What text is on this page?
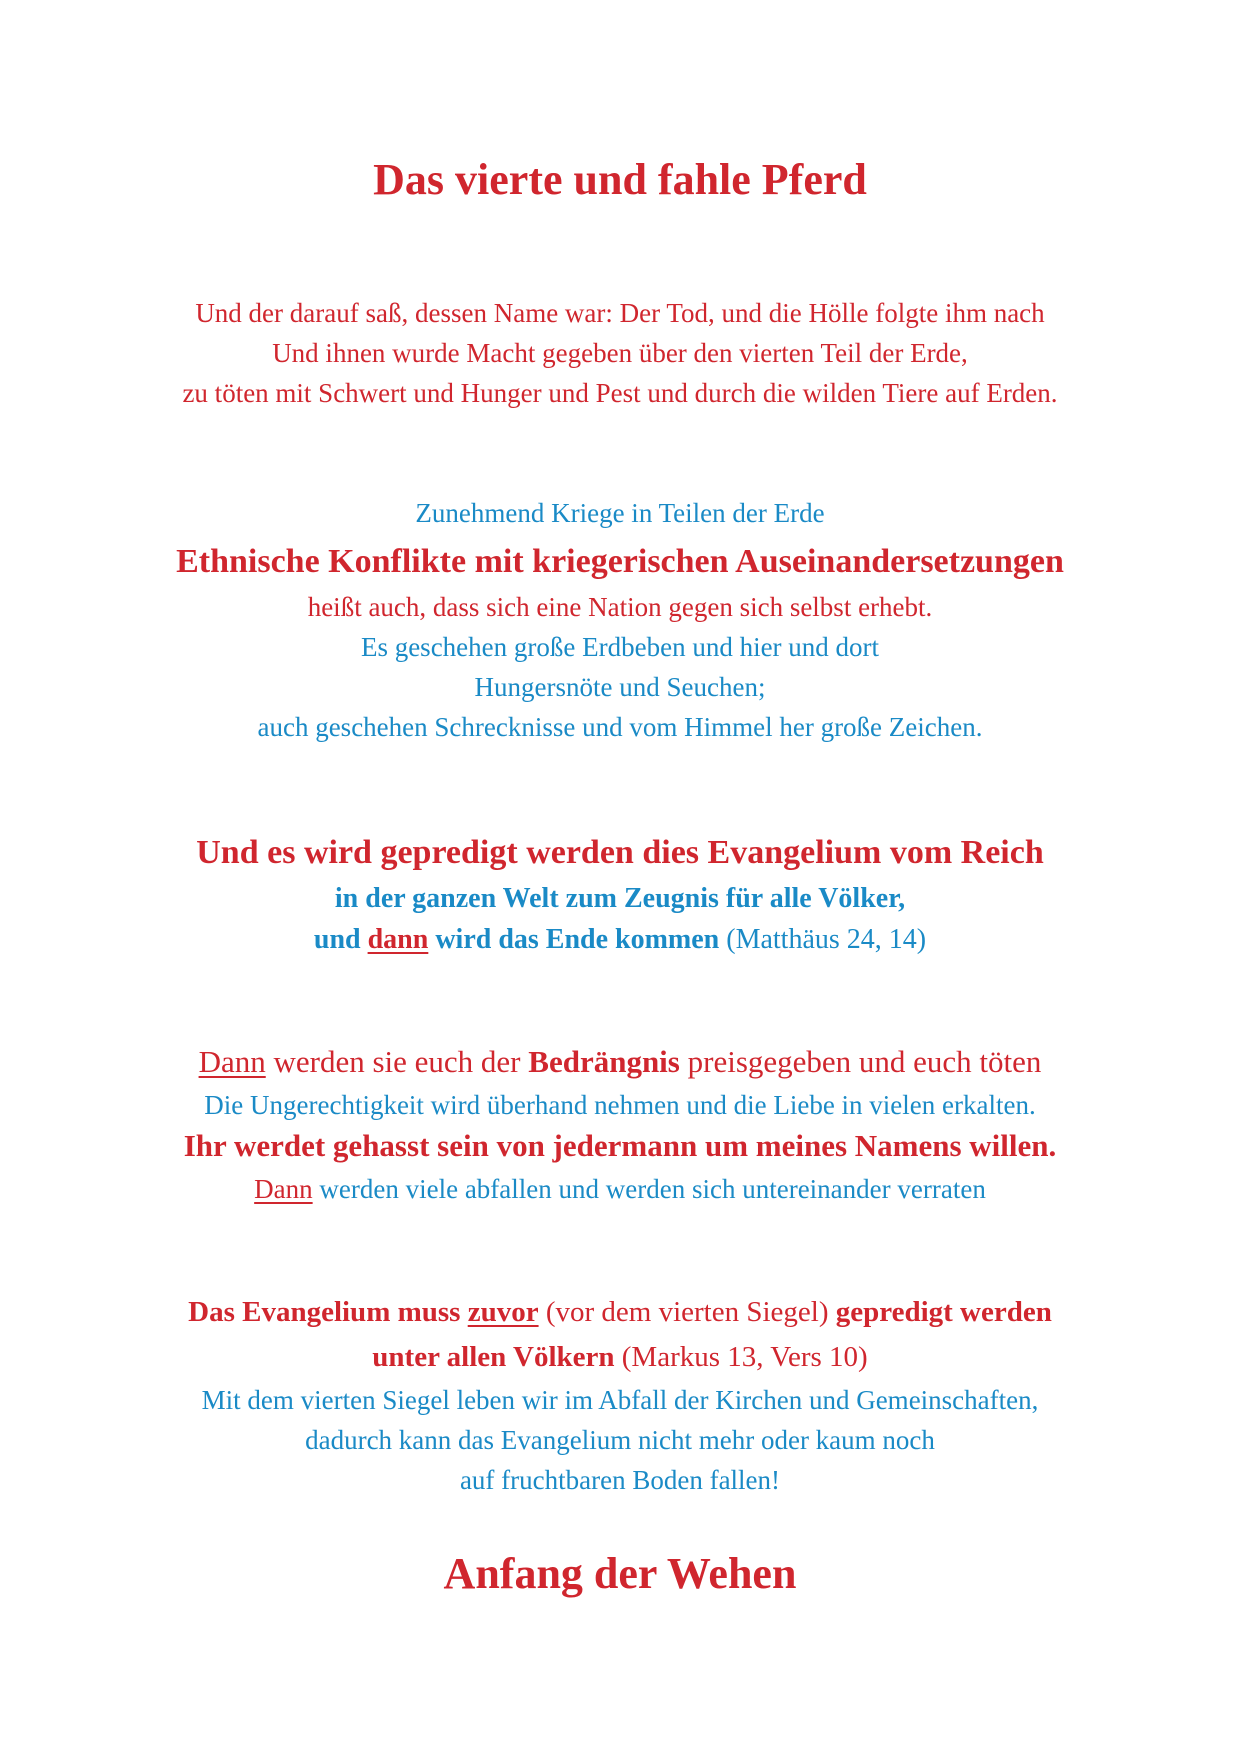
Das vierte und fahle Pferd
Und der darauf saß, dessen Name war: Der Tod, und die Hölle folgte ihm nach
Und ihnen wurde Macht gegeben über den vierten Teil der Erde,
zu töten mit Schwert und Hunger und Pest und durch die wilden Tiere auf Erden.
Zunehmend Kriege in Teilen der Erde
Ethnische Konflikte mit kriegerischen Auseinandersetzungen
heißt auch, dass sich eine Nation gegen sich selbst erhebt.
Es geschehen große Erdbeben und hier und dort
Hungersnöte und Seuchen;
auch geschehen Schrecknisse und vom Himmel her große Zeichen.
Und es wird gepredigt werden dies Evangelium vom Reich
in der ganzen Welt zum Zeugnis für alle Völker,
und dann wird das Ende kommen (Matthäus 24, 14)
Dann werden sie euch der Bedrängnis preisgegeben und euch töten
Die Ungerechtigkeit wird überhand nehmen und die Liebe in vielen erkalten.
Ihr werdet gehasst sein von jedermann um meines Namens willen.
Dann werden viele abfallen und werden sich untereinander verraten
Das Evangelium muss zuvor (vor dem vierten Siegel) gepredigt werden
unter allen Völkern (Markus 13, Vers 10)
Mit dem vierten Siegel leben wir im Abfall der Kirchen und Gemeinschaften,
dadurch kann das Evangelium nicht mehr oder kaum noch
auf fruchtbaren Boden fallen!
Anfang der Wehen
